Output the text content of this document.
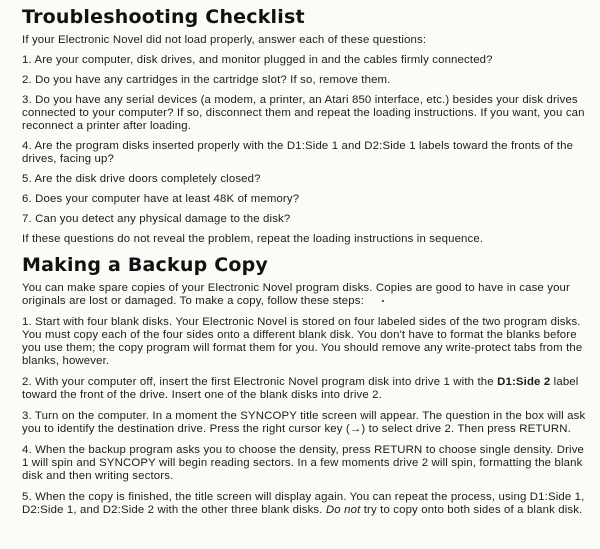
Troubleshooting Checklist

If your Electronic Novel did not load properly, answer each of these questions:

1. Are your computer, disk drives, and monitor plugged in and the cables firmly connected?

2. Do you have any cartridges in the cartridge slot? If so, remove them.

3. Do you have any serial devices (a modem, a printer, an Atari 850 interface, etc.) besides your disk drives connected to your computer? If so, disconnect them and repeat the loading instructions. If you want, you can reconnect a printer after loading.

4. Are the program disks inserted properly with the D1:Side 1 and D2:Side 1 labels toward the fronts of the drives, facing up?

5. Are the disk drive doors completely closed?

6. Does your computer have at least 48K of memory?

7. Can you detect any physical damage to the disk?

If these questions do not reveal the problem, repeat the loading instructions in sequence.

Making a Backup Copy

You can make spare copies of your Electronic Novel program disks. Copies are good to have in case your originals are lost or damaged. To make a copy, follow these steps:

1. Start with four blank disks. Your Electronic Novel is stored on four labeled sides of the two program disks. You must copy each of the four sides onto a different blank disk. You don't have to format the blanks before you use them; the copy program will format them for you. You should remove any write-protect tabs from the blanks, however.

2. With your computer off, insert the first Electronic Novel program disk into drive 1 with the D1:Side 2 label toward the front of the drive. Insert one of the blank disks into drive 2.

3. Turn on the computer. In a moment the SYNCOPY title screen will appear. The question in the box will ask you to identify the destination drive. Press the right cursor key (→) to select drive 2. Then press RETURN.

4. When the backup program asks you to choose the density, press RETURN to choose single density. Drive 1 will spin and SYNCOPY will begin reading sectors. In a few moments drive 2 will spin, formatting the blank disk and then writing sectors.

5. When the copy is finished, the title screen will display again. You can repeat the process, using D1:Side 1, D2:Side 1, and D2:Side 2 with the other three blank disks. Do not try to copy onto both sides of a blank disk.
